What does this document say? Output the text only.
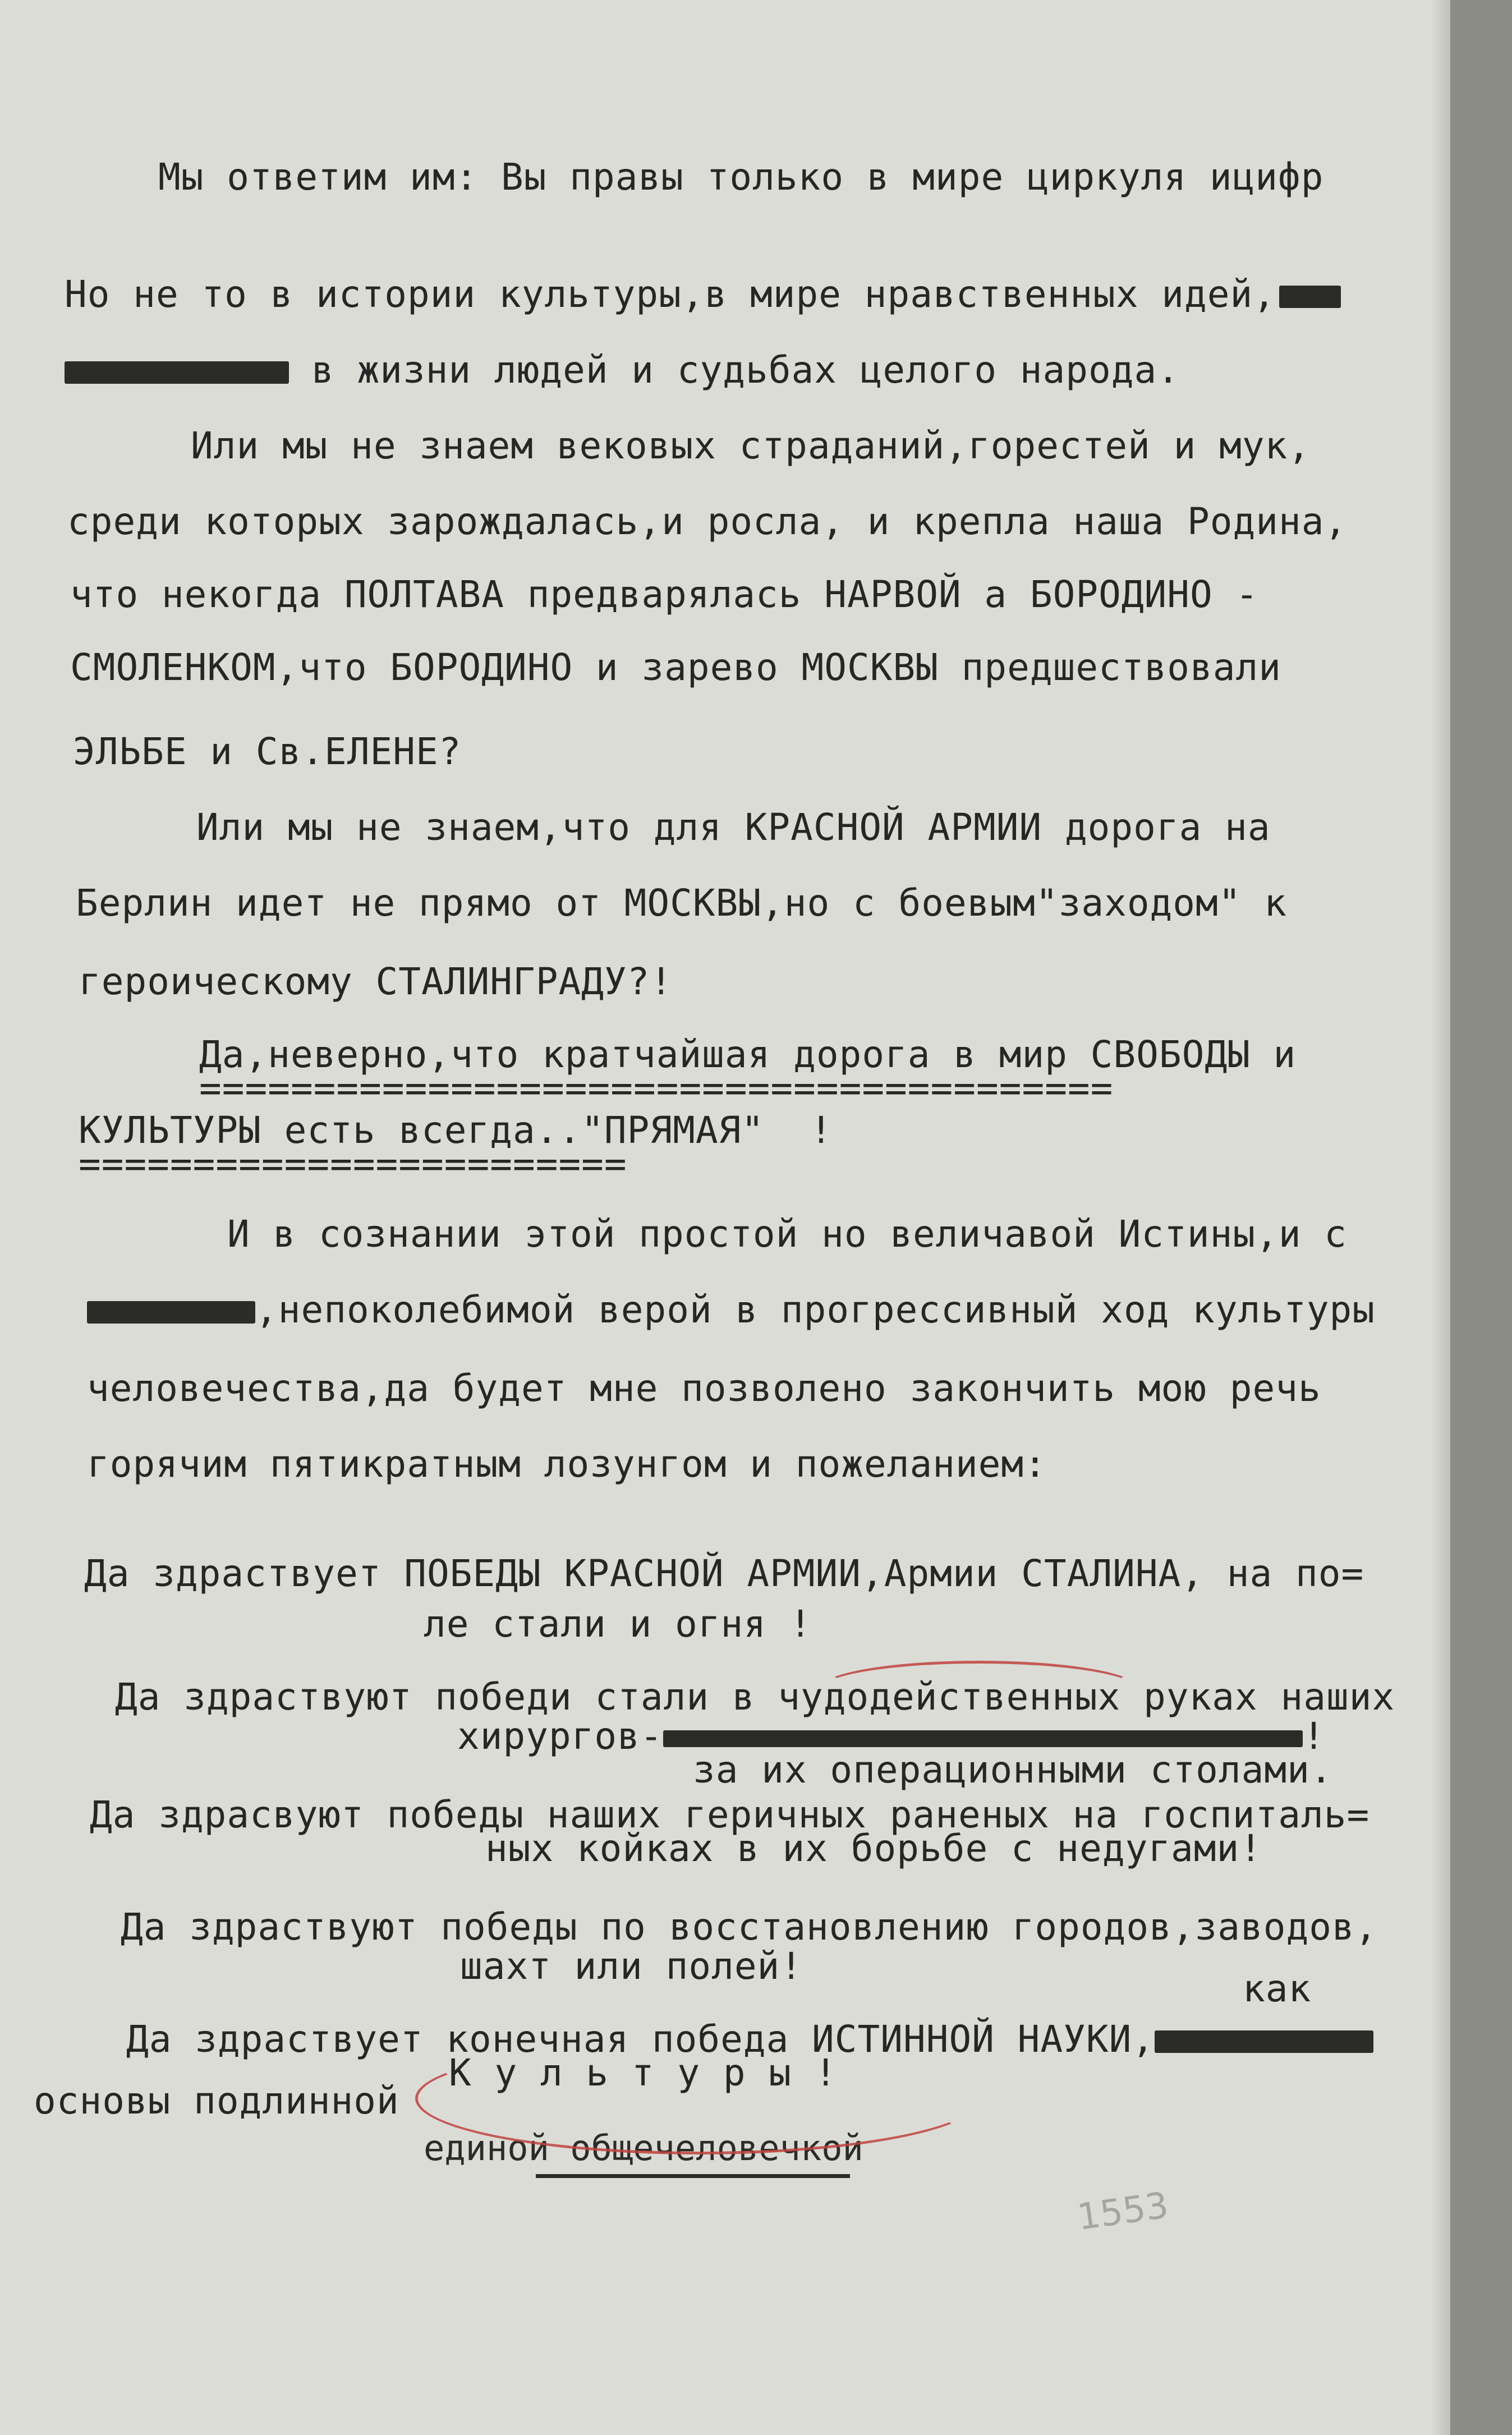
Мы ответим им: Вы правы только в мире циркуля ицифр

Но не то в истории культуры,в мире нравственных идей,

в жизни людей и судьбах целого народа.

Или мы не знаем вековых страданий,горестей и мук,

среди которых зарождалась,и росла, и крепла наша Родина,

что некогда ПОЛТАВА предварялась НАРВОЙ а БОРОДИНО -

СМОЛЕНКОМ,что БОРОДИНО и зарево МОСКВЫ предшествовали

ЭЛЬБЕ и Св.ЕЛЕНЕ?

Или мы не знаем,что для КРАСНОЙ АРМИИ дорога на

Берлин идет не прямо от МОСКВЫ,но с боевым"заходом" к

героическому СТАЛИНГРАДУ?!

Да,неверно,что кратчайшая дорога в мир СВОБОДЫ и

========================================

КУЛЬТУРЫ есть всегда.."ПРЯМАЯ"  !

========================

И в сознании этой простой но величавой Истины,и с

,непоколебимой верой в прогрессивный ход культуры

человечества,да будет мне позволено закончить мою речь

горячим пятикратным лозунгом и пожеланием:

Да здраствует ПОБЕДЫ КРАСНОЙ АРМИИ,Армии СТАЛИНА, на по=

ле стали и огня !

Да здраствуют победи стали в чудодейственных руках наших

хирургов-	!

за их операционными столами.

Да здрасвуют победы наших геричных раненых на госпиталь=

ных койках в их борьбе с недугами!

Да здраствуют победы по восстановлению городов,заводов,

шахт или полей!

как

Да здраствует конечная победа ИСТИННОЙ НАУКИ,

основы подлинной

К у л ь т у р ы !

единой общечеловечкой

1553
